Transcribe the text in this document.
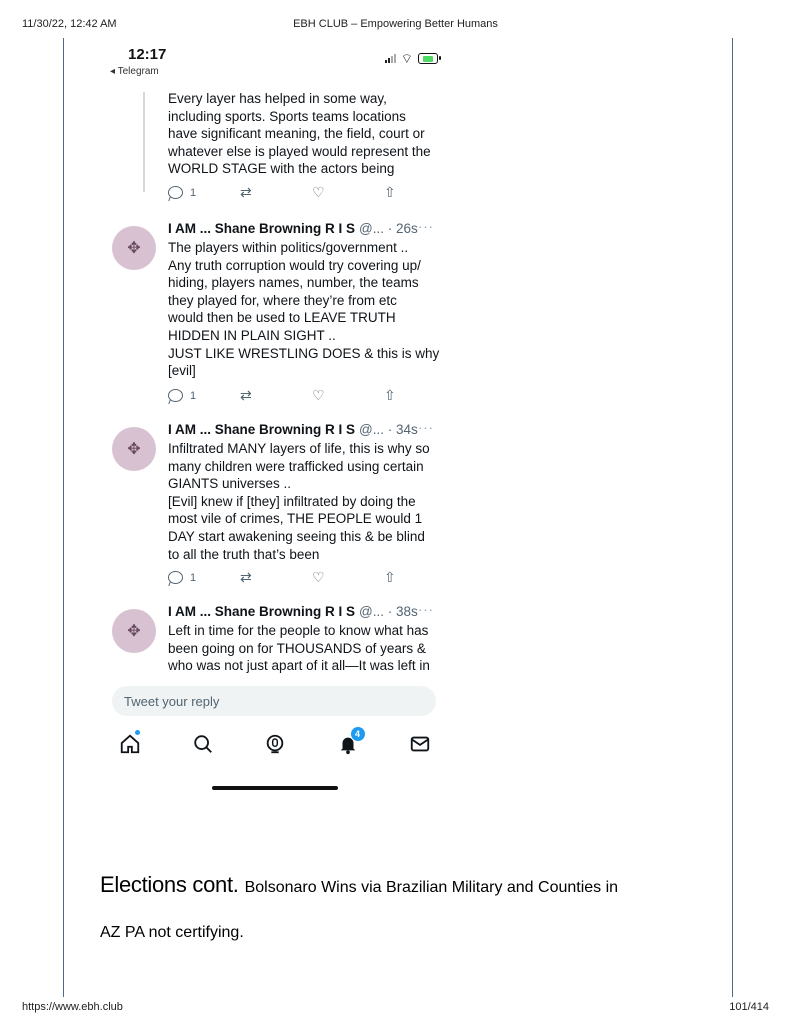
11/30/22, 12:42 AM	EBH CLUB – Empowering Better Humans
12:17
◂ Telegram
⌔
Every layer has helped in some way,
including sports. Sports teams locations
have significant meaning, the field, court or
whatever else is played would represent the
WORLD STAGE with the actors being
1	⇄	♡	⇧
✥
I AM ... Shane Browning R I S @... · 26s ···
The players within politics/government ..
Any truth corruption would try covering up/
hiding, players names, number, the teams
they played for, where they’re from etc
would then be used to LEAVE TRUTH
HIDDEN IN PLAIN SIGHT ..
JUST LIKE WRESTLING DOES & this is why
[evil]
1	⇄	♡	⇧
✥
I AM ... Shane Browning R I S @... · 34s ···
Infiltrated MANY layers of life, this is why so
many children were trafficked using certain
GIANTS universes ..
[Evil] knew if [they] infiltrated by doing the
most vile of crimes, THE PEOPLE would 1
DAY start awakening seeing this & be blind
to all the truth that’s been
1	⇄	♡	⇧
✥
I AM ... Shane Browning R I S @... · 38s ···
Left in time for the people to know what has
been going on for THOUSANDS of years &
who was not just apart of it all—It was left in
Tweet your reply
4
Elections cont. Bolsonaro Wins via Brazilian Military and Counties in
AZ PA not certifying.
https://www.ebh.club	101/414
